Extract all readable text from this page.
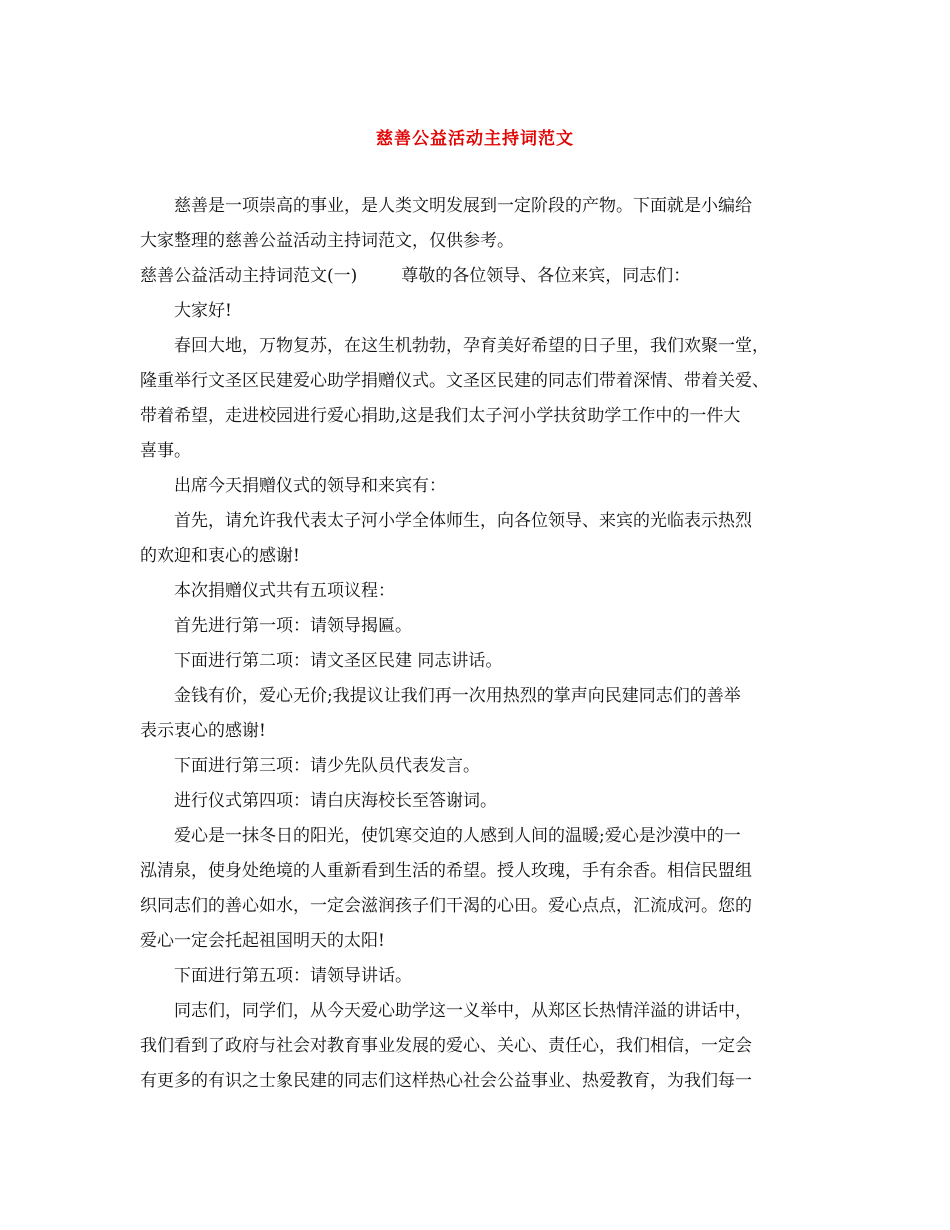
慈善公益活动主持词范文
慈善是一项崇高的事业，是人类文明发展到一定阶段的产物。下面就是小编给
大家整理的慈善公益活动主持词范文，仅供参考。
慈善公益活动主持词范文(一)	尊敬的各位领导、各位来宾，同志们：
大家好!
春回大地，万物复苏，在这生机勃勃，孕育美好希望的日子里，我们欢聚一堂，
隆重举行文圣区民建爱心助学捐赠仪式。文圣区民建的同志们带着深情、带着关爱、
带着希望，走进校园进行爱心捐助,这是我们太子河小学扶贫助学工作中的一件大
喜事。
出席今天捐赠仪式的领导和来宾有：
首先，请允许我代表太子河小学全体师生，向各位领导、来宾的光临表示热烈
的欢迎和衷心的感谢!
本次捐赠仪式共有五项议程：
首先进行第一项：请领导揭匾。
下面进行第二项：请文圣区民建 同志讲话。
金钱有价，爱心无价;我提议让我们再一次用热烈的掌声向民建同志们的善举
表示衷心的感谢!
下面进行第三项：请少先队员代表发言。
进行仪式第四项：请白庆海校长至答谢词。
爱心是一抹冬日的阳光，使饥寒交迫的人感到人间的温暖;爱心是沙漠中的一
泓清泉，使身处绝境的人重新看到生活的希望。授人玫瑰，手有余香。相信民盟组
织同志们的善心如水，一定会滋润孩子们干渴的心田。爱心点点，汇流成河。您的
爱心一定会托起祖国明天的太阳!
下面进行第五项：请领导讲话。
同志们，同学们，从今天爱心助学这一义举中，从郑区长热情洋溢的讲话中，
我们看到了政府与社会对教育事业发展的爱心、关心、责任心，我们相信，一定会
有更多的有识之士象民建的同志们这样热心社会公益事业、热爱教育，为我们每一
